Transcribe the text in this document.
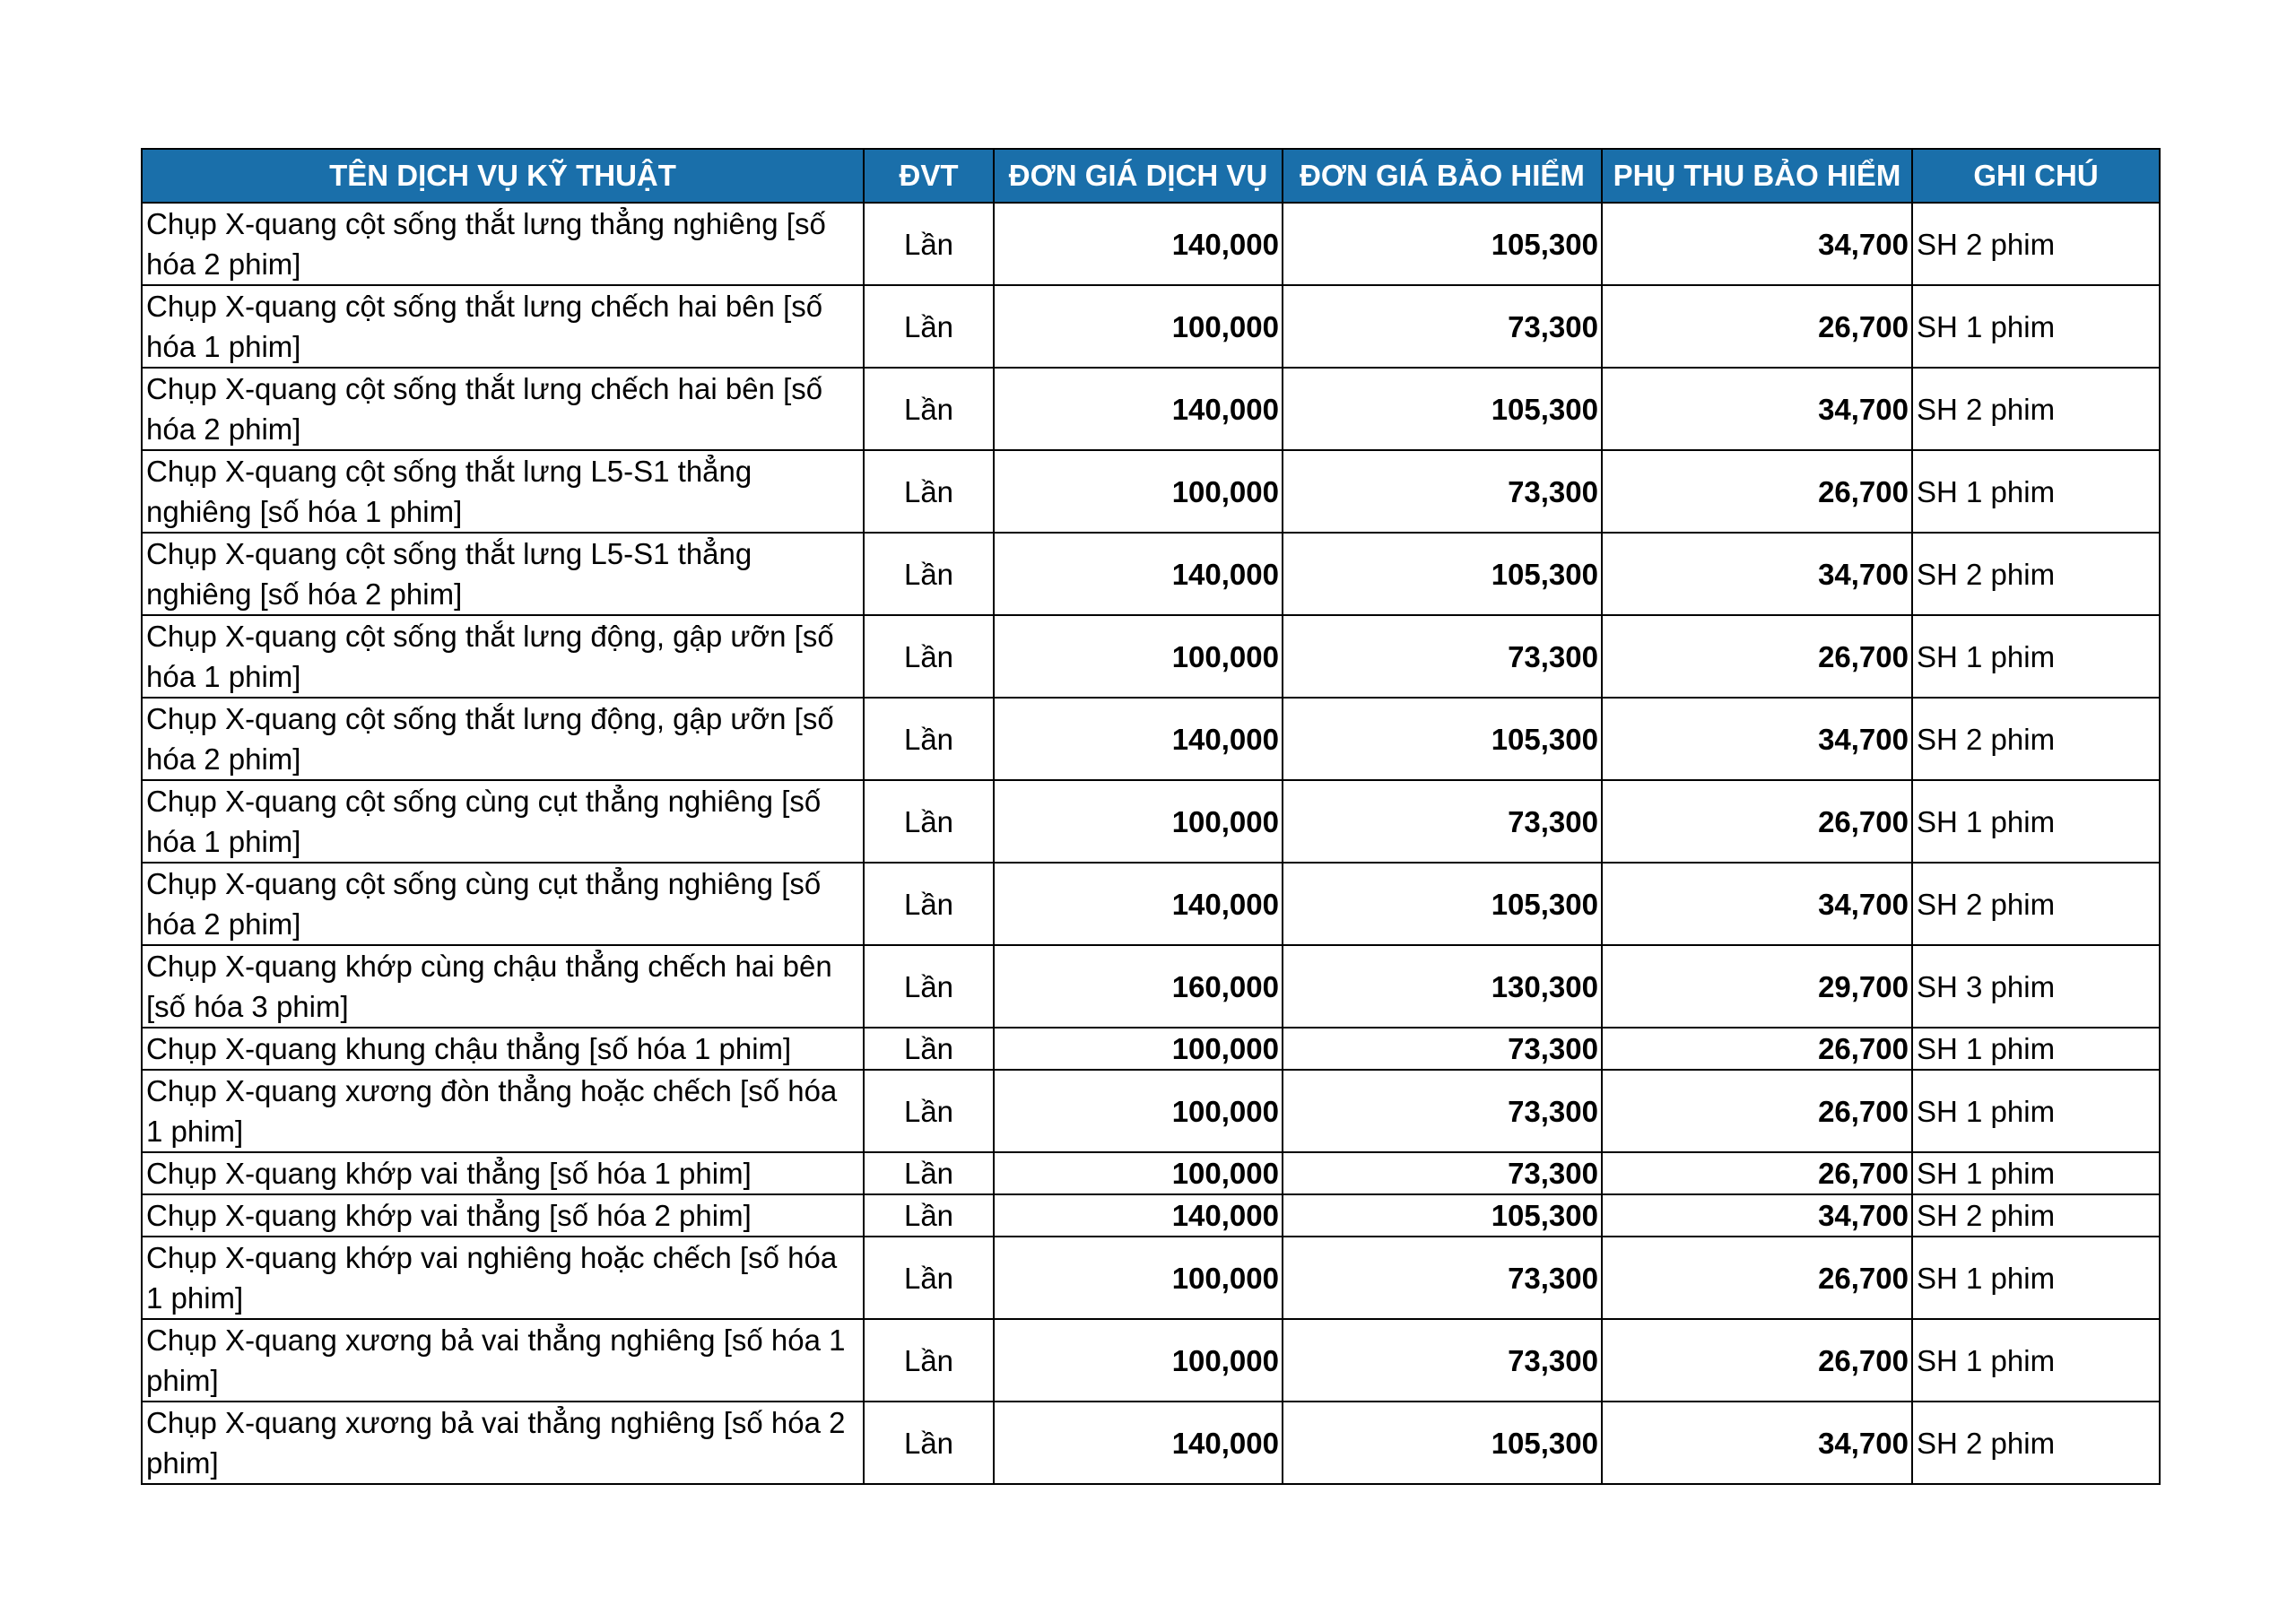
TÊN DỊCH VỤ KỸ THUẬT	ĐVT	ĐƠN GIÁ DỊCH VỤ	ĐƠN GIÁ BẢO HIỂM	PHỤ THU BẢO HIỂM	GHI CHÚ
Chụp X-quang cột sống thắt lưng thẳng nghiêng [số hóa 2 phim]	Lần	140,000	105,300	34,700	SH 2 phim
Chụp X-quang cột sống thắt lưng chếch hai bên [số hóa 1 phim]	Lần	100,000	73,300	26,700	SH 1 phim
Chụp X-quang cột sống thắt lưng chếch hai bên [số hóa 2 phim]	Lần	140,000	105,300	34,700	SH 2 phim
Chụp X-quang cột sống thắt lưng L5-S1 thẳng nghiêng [số hóa 1 phim]	Lần	100,000	73,300	26,700	SH 1 phim
Chụp X-quang cột sống thắt lưng L5-S1 thẳng nghiêng [số hóa 2 phim]	Lần	140,000	105,300	34,700	SH 2 phim
Chụp X-quang cột sống thắt lưng động, gập ưỡn [số hóa 1 phim]	Lần	100,000	73,300	26,700	SH 1 phim
Chụp X-quang cột sống thắt lưng động, gập ưỡn [số hóa 2 phim]	Lần	140,000	105,300	34,700	SH 2 phim
Chụp X-quang cột sống cùng cụt thẳng nghiêng [số hóa 1 phim]	Lần	100,000	73,300	26,700	SH 1 phim
Chụp X-quang cột sống cùng cụt thẳng nghiêng [số hóa 2 phim]	Lần	140,000	105,300	34,700	SH 2 phim
Chụp X-quang khớp cùng chậu thẳng chếch hai bên [số hóa 3 phim]	Lần	160,000	130,300	29,700	SH 3 phim
Chụp X-quang khung chậu thẳng [số hóa 1 phim]	Lần	100,000	73,300	26,700	SH 1 phim
Chụp X-quang xương đòn thẳng hoặc chếch [số hóa 1 phim]	Lần	100,000	73,300	26,700	SH 1 phim
Chụp X-quang khớp vai thẳng [số hóa 1 phim]	Lần	100,000	73,300	26,700	SH 1 phim
Chụp X-quang khớp vai thẳng [số hóa 2 phim]	Lần	140,000	105,300	34,700	SH 2 phim
Chụp X-quang khớp vai nghiêng hoặc chếch [số hóa 1 phim]	Lần	100,000	73,300	26,700	SH 1 phim
Chụp X-quang xương bả vai thẳng nghiêng [số hóa 1 phim]	Lần	100,000	73,300	26,700	SH 1 phim
Chụp X-quang xương bả vai thẳng nghiêng [số hóa 2 phim]	Lần	140,000	105,300	34,700	SH 2 phim
